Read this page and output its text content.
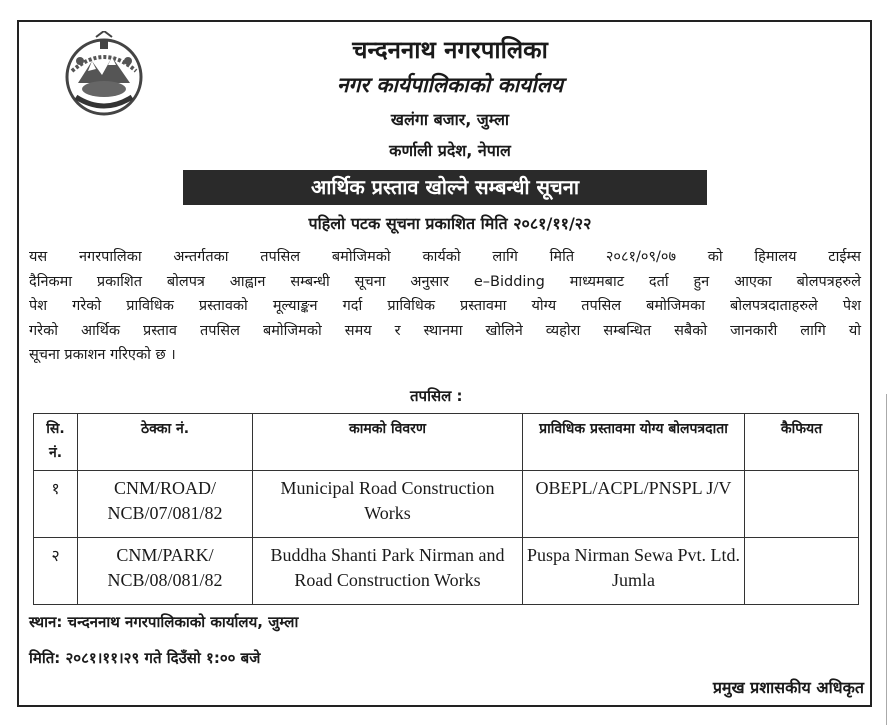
चन्दननाथ नगरपालिका
नगर कार्यपालिकाको कार्यालय
खलंगा बजार, जुम्ला
कर्णाली प्रदेश, नेपाल
आर्थिक प्रस्ताव खोल्ने सम्बन्धी सूचना
पहिलो पटक सूचना प्रकाशित मिति २०८१/११/२२
यस नगरपालिका अन्तर्गतका तपसिल बमोजिमको कार्यको लागि मिति २०८१/०९/०७ को हिमालय टाईम्स
दैनिकमा प्रकाशित बोलपत्र आह्वान सम्बन्धी सूचना अनुसार e–Bidding माध्यमबाट दर्ता हुन आएका बोलपत्रहरुले
पेश गरेको प्राविधिक प्रस्तावको मूल्याङ्कन गर्दा प्राविधिक प्रस्तावमा योग्य तपसिल बमोजिमका बोलपत्रदाताहरुले पेश
गरेको आर्थिक प्रस्ताव तपसिल बमोजिमको समय र स्थानमा खोलिने व्यहोरा सम्बन्धित सबैको जानकारी लागि यो
सूचना प्रकाशन गरिएको छ ।
तपसिल :
सि. नं.	ठेक्का नं.	कामको विवरण	प्राविधिक प्रस्तावमा योग्य बोलपत्रदाता	कैफियत
१	CNM/ROAD/ NCB/07/081/82	Municipal Road Construction Works	OBEPL/ACPL/PNSPL J/V	
२	CNM/PARK/ NCB/08/081/82	Buddha Shanti Park Nirman and Road Construction Works	Puspa Nirman Sewa Pvt. Ltd. Jumla	
स्थान: चन्दननाथ नगरपालिकाको कार्यालय, जुम्ला
मिति: २०८१।११।२९ गते दिउँसो १:०० बजे
प्रमुख प्रशासकीय अधिकृत
